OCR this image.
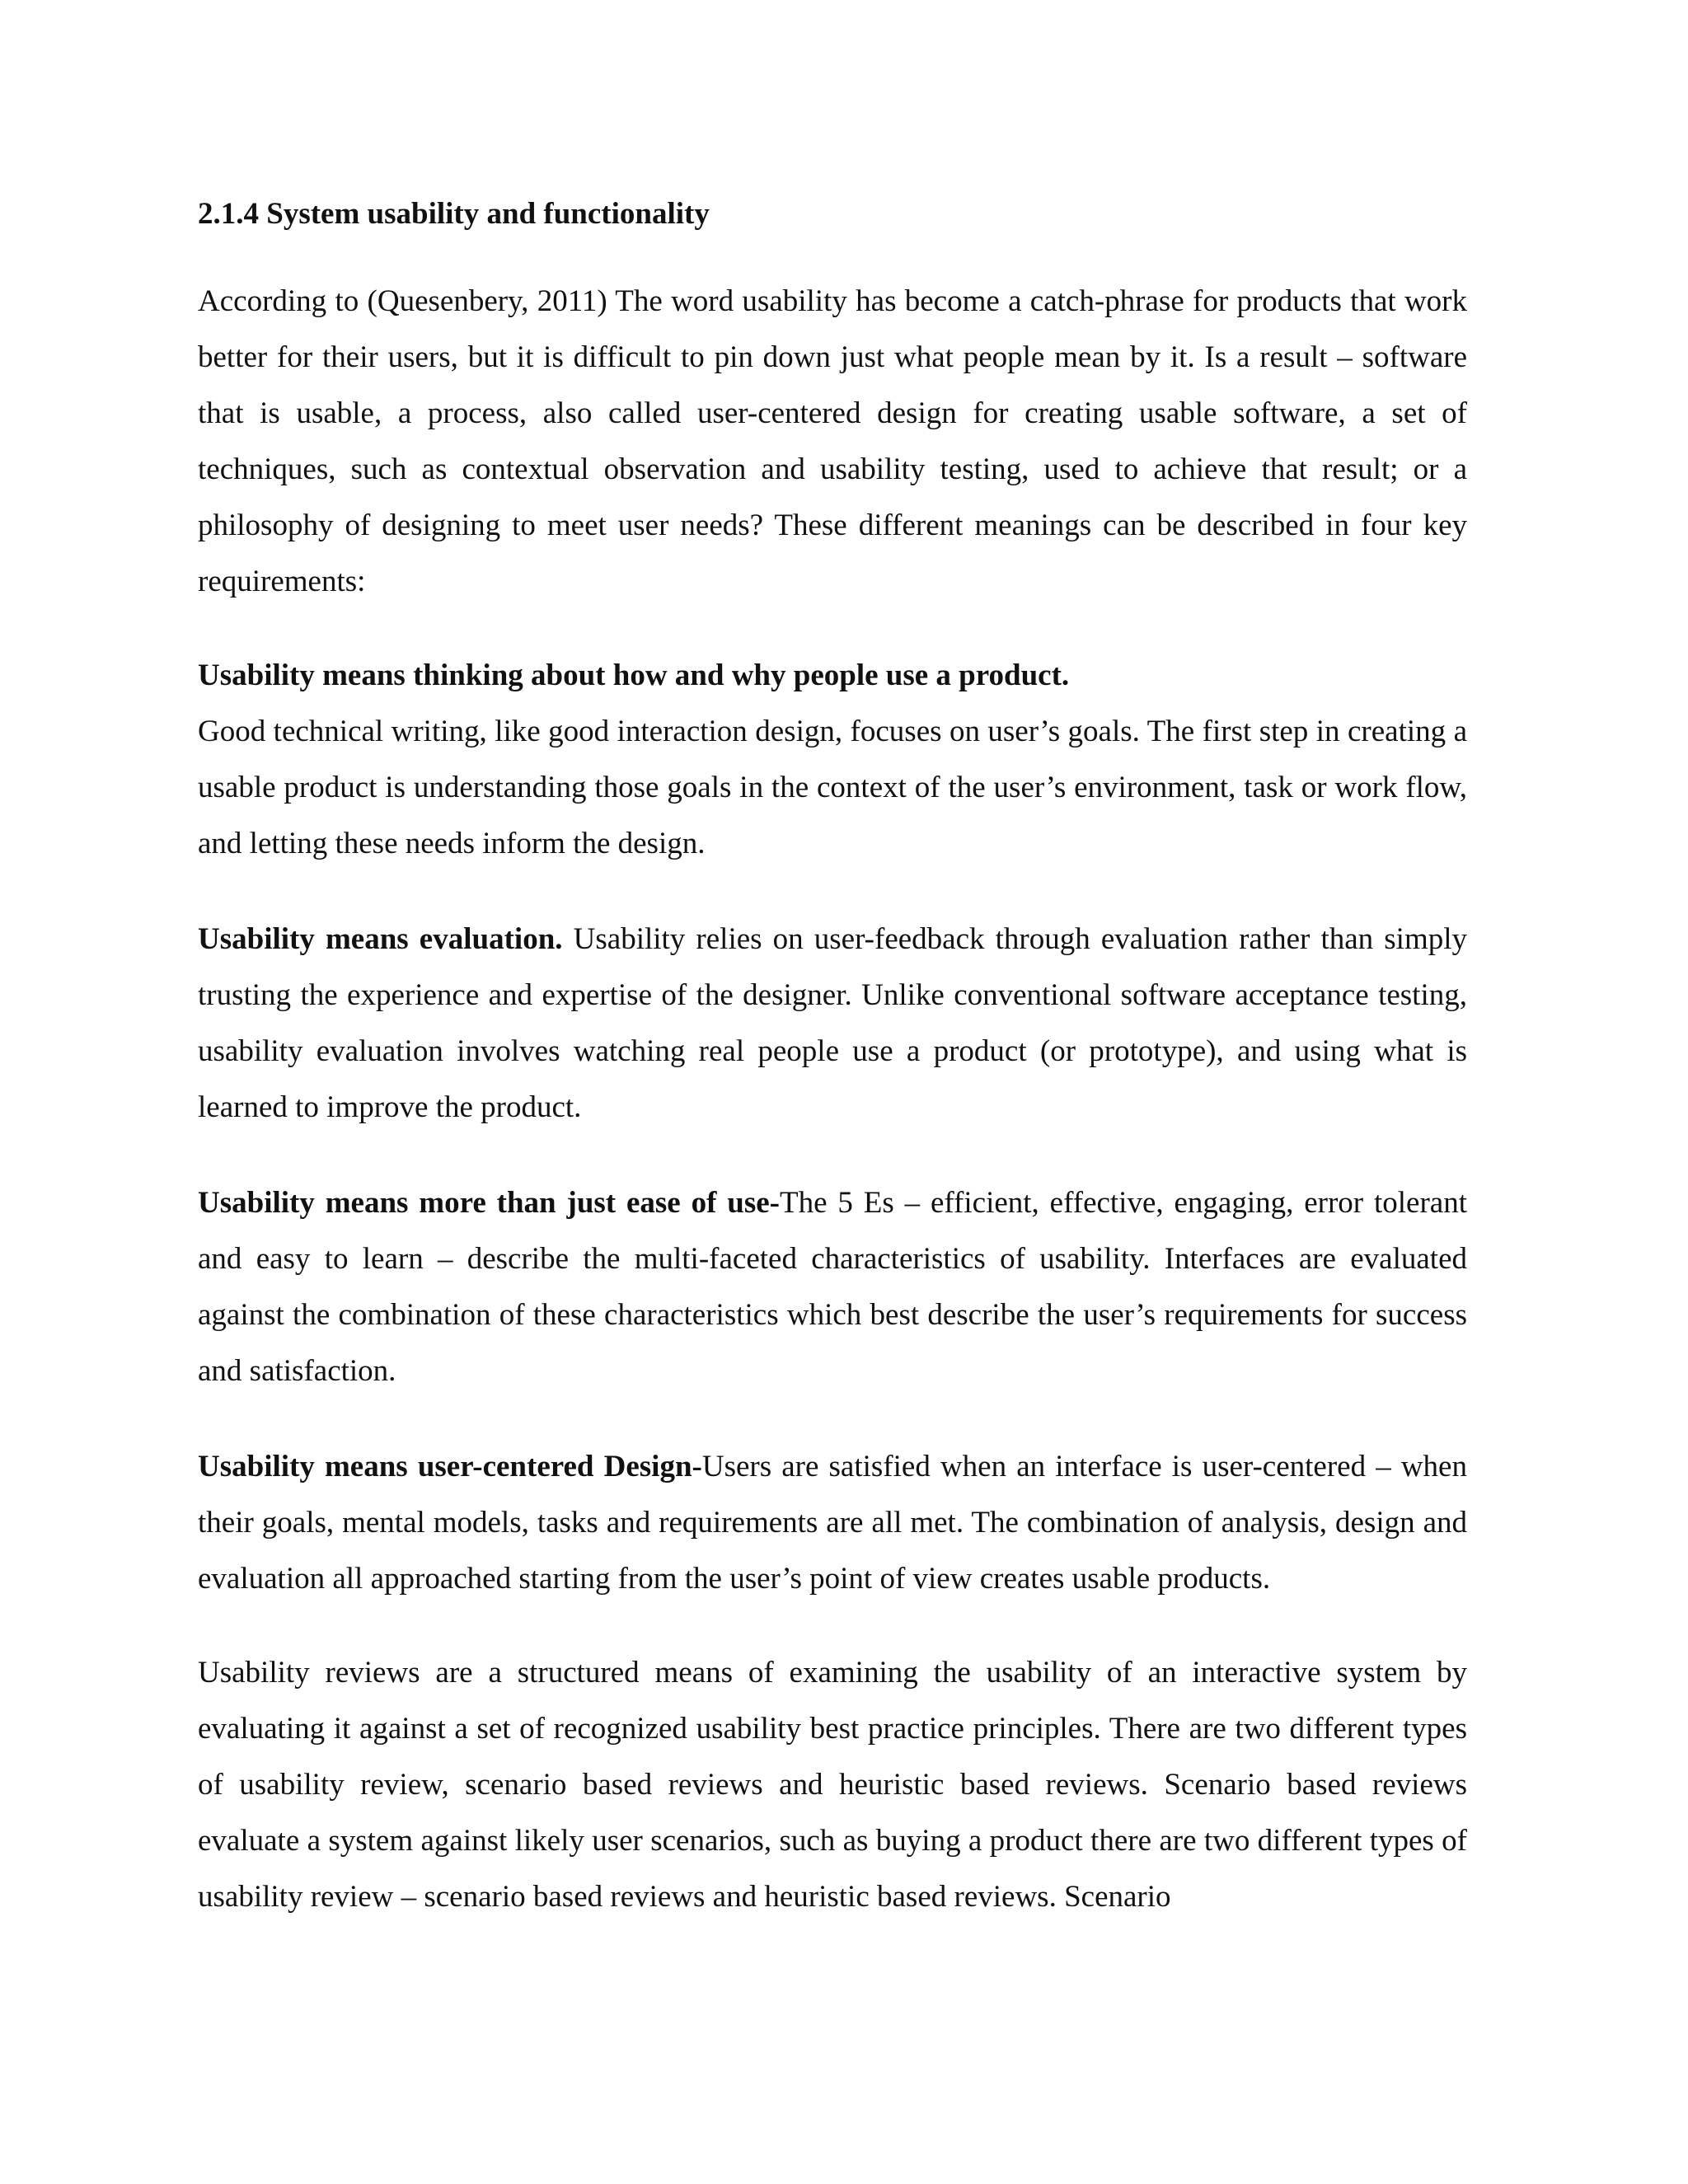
2.1.4 System usability and functionality

According to (Quesenbery, 2011) The word usability has become a catch-phrase for products that work better for their users, but it is difficult to pin down just what people mean by it. Is a result – software that is usable, a process, also called user-centered design for creating usable software, a set of techniques, such as contextual observation and usability testing, used to achieve that result; or a philosophy of designing to meet user needs? These different meanings can be described in four key requirements:

Usability means thinking about how and why people use a product.

Good technical writing, like good interaction design, focuses on user’s goals. The first step in creating a usable product is understanding those goals in the context of the user’s environment, task or work flow, and letting these needs inform the design.

Usability means evaluation. Usability relies on user-feedback through evaluation rather than simply trusting the experience and expertise of the designer. Unlike conventional software acceptance testing, usability evaluation involves watching real people use a product (or prototype), and using what is learned to improve the product.

Usability means more than just ease of use-The 5 Es – efficient, effective, engaging, error tolerant and easy to learn – describe the multi-faceted characteristics of usability. Interfaces are evaluated against the combination of these characteristics which best describe the user’s requirements for success and satisfaction.

Usability means user-centered Design-Users are satisfied when an interface is user-centered – when their goals, mental models, tasks and requirements are all met. The combination of analysis, design and evaluation all approached starting from the user’s point of view creates usable products.

Usability reviews are a structured means of examining the usability of an interactive system by evaluating it against a set of recognized usability best practice principles. There are two different types of usability review, scenario based reviews and heuristic based reviews. Scenario based reviews evaluate a system against likely user scenarios, such as buying a product there are two different types of usability review – scenario based reviews and heuristic based reviews. Scenario
